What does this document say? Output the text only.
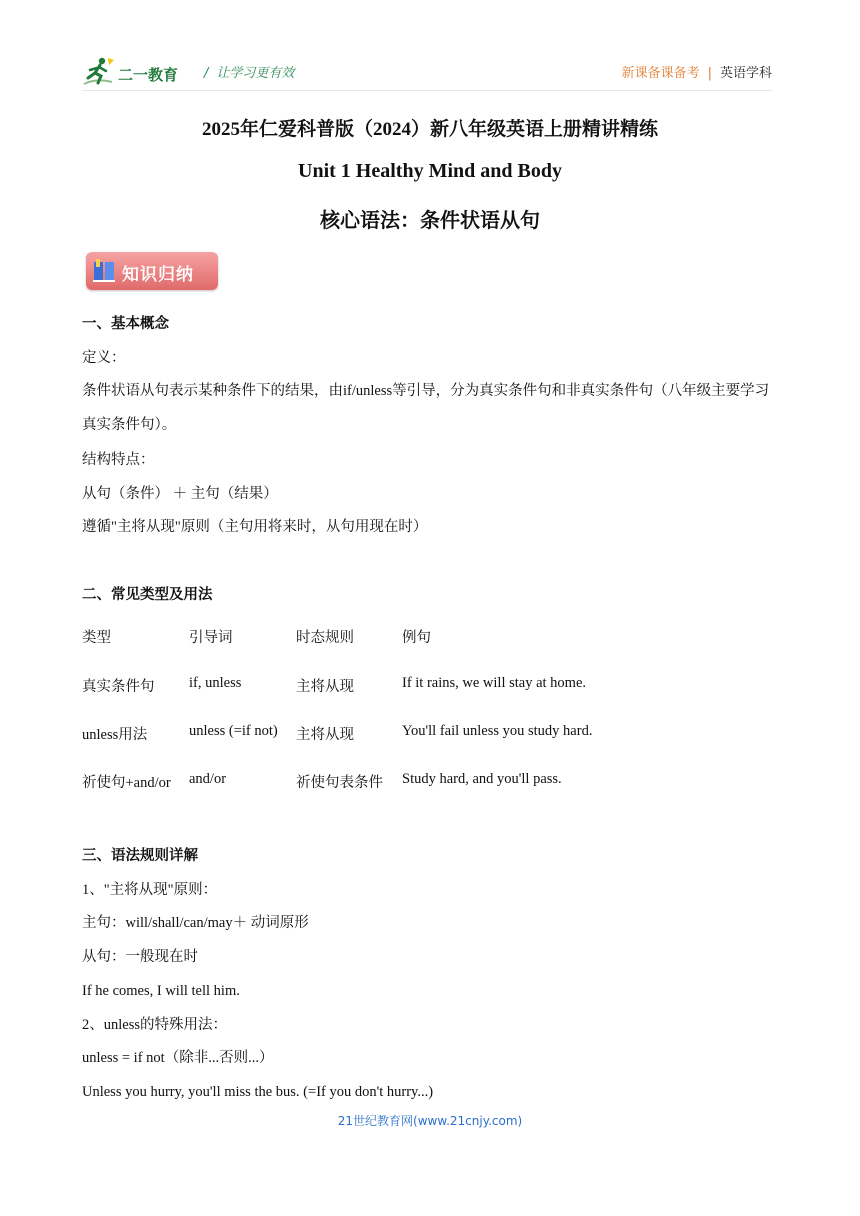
二一教育 / 让学习更有效	新课备课备考 | 英语学科
2025年仁爱科普版（2024）新八年级英语上册精讲精练
Unit 1 Healthy Mind and Body
核心语法：条件状语从句
知识归纳
一、基本概念
定义：
条件状语从句表示某种条件下的结果，由if/unless等引导，分为真实条件句和非真实条件句（八年级主要学习真实条件句）。
结构特点：
从句（条件） ＋ 主句（结果）
遵循"主将从现"原则（主句用将来时，从句用现在时）
二、常见类型及用法
类型	引导词	时态规则	例句
真实条件句 if, unless	主将从现	If it rains, we will stay at home.
unless用法	unless (=if not) 主将从现	You'll fail unless you study hard.
祈使句+and/or and/or	祈使句表条件 Study hard, and you'll pass.
三、语法规则详解
1、"主将从现"原则：
主句：will/shall/can/may＋ 动词原形
从句：一般现在时
If he comes, I will tell him.
2、unless的特殊用法：
unless = if not（除非...否则...）
Unless you hurry, you'll miss the bus. (=If you don't hurry...)
21世纪教育网(www.21cnjy.com)
